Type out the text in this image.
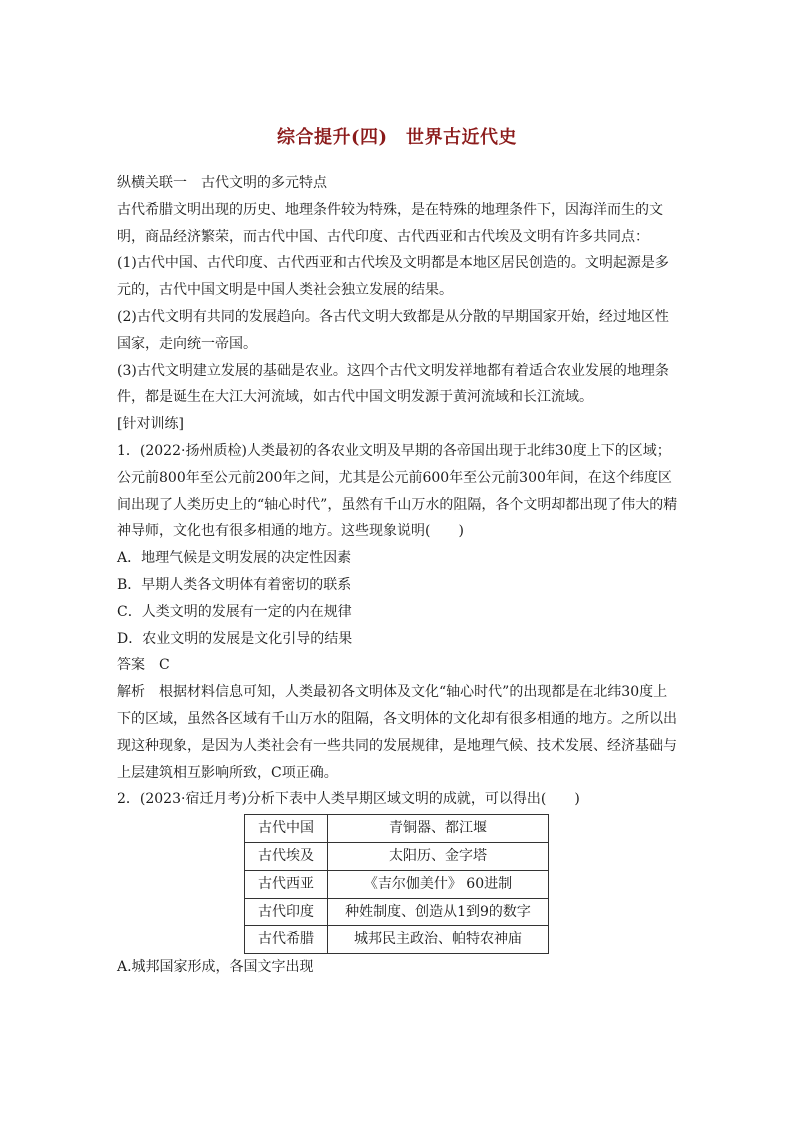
综合提升(四)　世界古近代史

纵横关联一　古代文明的多元特点

古代希腊文明出现的历史、地理条件较为特殊，是在特殊的地理条件下，因海洋而生的文明，商品经济繁荣，而古代中国、古代印度、古代西亚和古代埃及文明有许多共同点：

(1)古代中国、古代印度、古代西亚和古代埃及文明都是本地区居民创造的。文明起源是多元的，古代中国文明是中国人类社会独立发展的结果。

(2)古代文明有共同的发展趋向。各古代文明大致都是从分散的早期国家开始，经过地区性国家，走向统一帝国。

(3)古代文明建立发展的基础是农业。这四个古代文明发祥地都有着适合农业发展的地理条件，都是诞生在大江大河流域，如古代中国文明发源于黄河流域和长江流域。

[针对训练]

1．(2022·扬州质检)人类最初的各农业文明及早期的各帝国出现于北纬30度上下的区域；公元前800年至公元前200年之间，尤其是公元前600年至公元前300年间，在这个纬度区间出现了人类历史上的“轴心时代”，虽然有千山万水的阻隔，各个文明却都出现了伟大的精神导师，文化也有很多相通的地方。这些现象说明(　　)

A．地理气候是文明发展的决定性因素

B．早期人类各文明体有着密切的联系

C．人类文明的发展有一定的内在规律

D．农业文明的发展是文化引导的结果

答案　C

解析　根据材料信息可知，人类最初各文明体及文化“轴心时代”的出现都是在北纬30度上下的区域，虽然各区域有千山万水的阻隔，各文明体的文化却有很多相通的地方。之所以出现这种现象，是因为人类社会有一些共同的发展规律，是地理气候、技术发展、经济基础与上层建筑相互影响所致，C项正确。

2．(2023·宿迁月考)分析下表中人类早期区域文明的成就，可以得出(　　)

古代中国	青铜器、都江堰
古代埃及	太阳历、金字塔
古代西亚	《吉尔伽美什》 60进制
古代印度	种姓制度、创造从1到9的数字
古代希腊	城邦民主政治、帕特农神庙

A.城邦国家形成，各国文字出现
